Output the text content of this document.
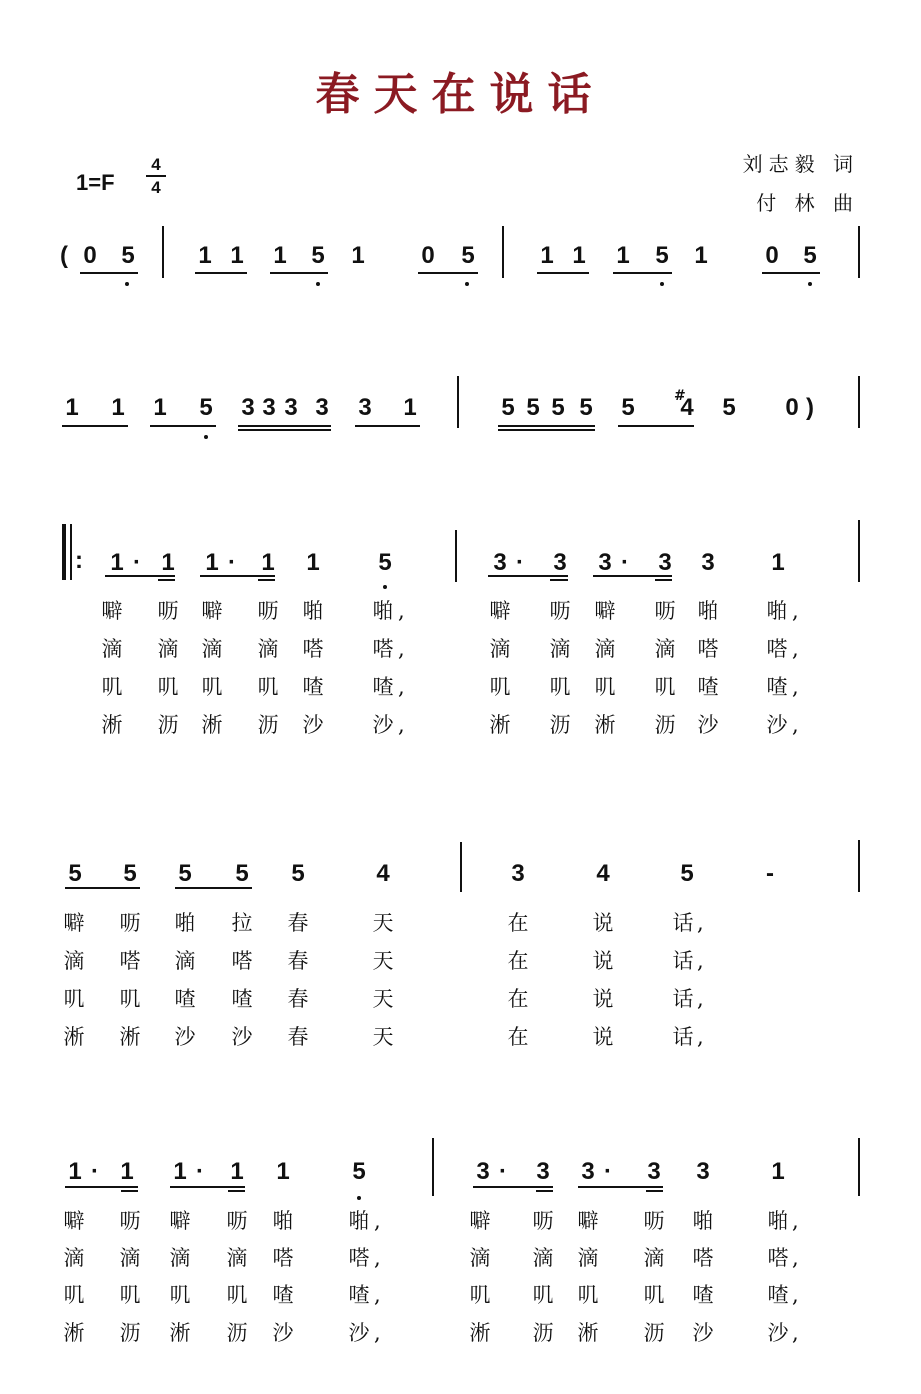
春天在说话
刘志毅 词
付 林 曲
1=F
4
4
( 0 5	1 1 1 5 1 0 5	1 1 1 5 1 0 5
1 1 1 5 3 3 3 3 3 1	5 5 5 5 5 4 5 0
#	)
: 1 · 1 1 ·	1 1 5	3 ·	3 3 ·	3 3 1
噼 呖 噼 呖 啪 啪 ,	噼 呖 噼 呖 啪 啪 ,
滴 滴 滴 滴 嗒 嗒 ,	滴 滴 滴 滴 嗒 嗒 ,
叽 叽 叽 叽 喳 喳 ,	叽 叽 叽 叽 喳 喳 ,
淅 沥 淅 沥 沙 沙 ,	淅 沥 淅 沥 沙 沙 ,
5 5 5 5 5	4	3	4	5	-
噼 呖 啪 拉 春	天	在	说	话 ,
滴 嗒 滴 嗒 春	天	在	说	话 ,
叽 叽 喳 喳 春	天	在	说	话 ,
淅 淅 沙 沙 春	天	在	说	话 ,
1 · 1 1 ·	1 1	5	3 ·	3 3 ·	3 3	1
噼 呖 噼 呖 啪	啪 ,	噼 呖 噼 呖 啪	啪 ,
滴 滴 滴 滴 嗒	嗒 ,	滴 滴 滴 滴 嗒	嗒 ,
叽 叽 叽 叽 喳	喳 ,	叽 叽 叽 叽 喳	喳 ,
淅 沥 淅 沥 沙	沙 ,	淅 沥 淅 沥 沙	沙 ,
